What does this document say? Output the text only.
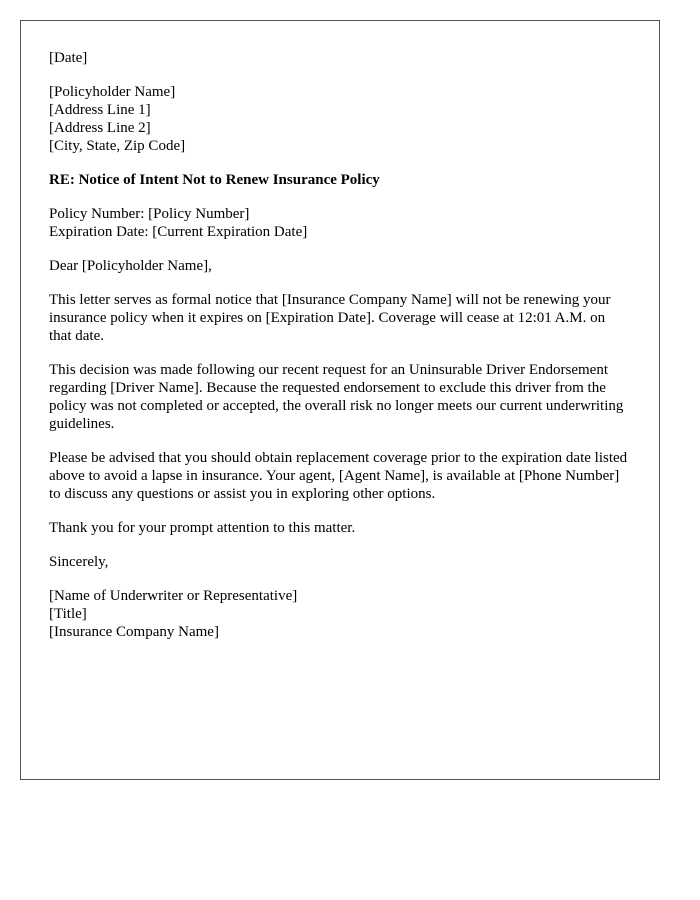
[Date]
[Policyholder Name]
[Address Line 1]
[Address Line 2]
[City, State, Zip Code]
RE: Notice of Intent Not to Renew Insurance Policy
Policy Number: [Policy Number]
Expiration Date: [Current Expiration Date]
Dear [Policyholder Name],

This letter serves as formal notice that [Insurance Company Name] will not be renewing your insurance policy when it expires on [Expiration Date]. Coverage will cease at 12:01 A.M. on that date.

This decision was made following our recent request for an Uninsurable Driver Endorsement regarding [Driver Name]. Because the requested endorsement to exclude this driver from the policy was not completed or accepted, the overall risk no longer meets our current underwriting guidelines.

Please be advised that you should obtain replacement coverage prior to the expiration date listed above to avoid a lapse in insurance. Your agent, [Agent Name], is available at [Phone Number] to discuss any questions or assist you in exploring other options.

Thank you for your prompt attention to this matter.

Sincerely,
[Name of Underwriter or Representative]
[Title]
[Insurance Company Name]
